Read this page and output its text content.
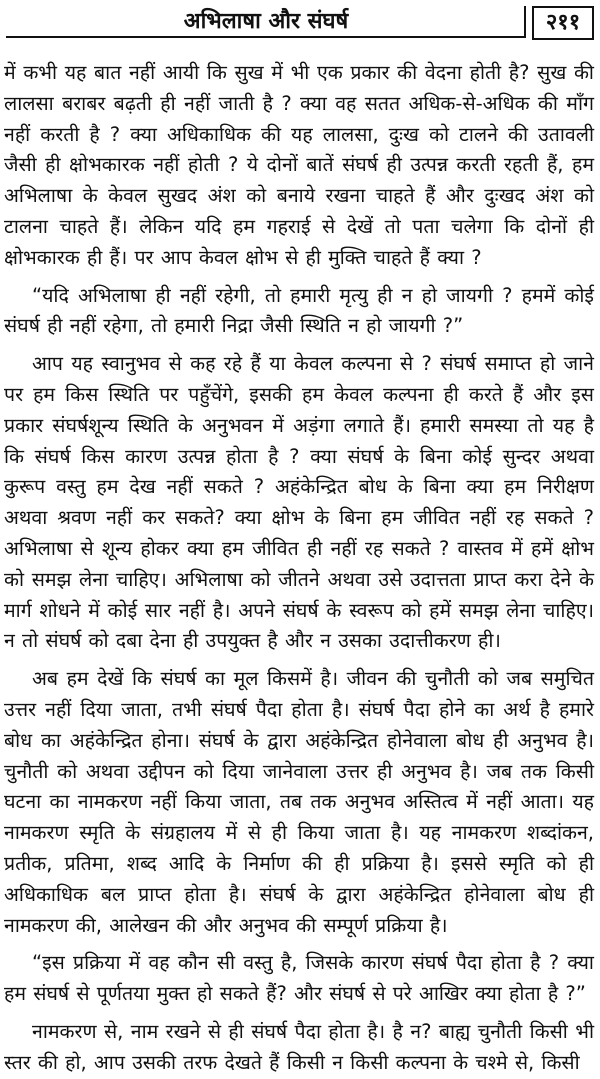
अभिलाषा और संघर्ष	२११

में कभी यह बात नहीं आयी कि सुख में भी एक प्रकार की वेदना होती है? सुख की लालसा बराबर बढ़ती ही नहीं जाती है ? क्या वह सतत अधिक-से-अधिक की माँग नहीं करती है ? क्या अधिकाधिक की यह लालसा, दुःख को टालने की उतावली जैसी ही क्षोभकारक नहीं होती ? ये दोनों बातें संघर्ष ही उत्पन्न करती रहती हैं, हम अभिलाषा के केवल सुखद अंश को बनाये रखना चाहते हैं और दुःखद अंश को टालना चाहते हैं। लेकिन यदि हम गहराई से देखें तो पता चलेगा कि दोनों ही क्षोभकारक ही हैं। पर आप केवल क्षोभ से ही मुक्ति चाहते हैं क्या ?

“यदि अभिलाषा ही नहीं रहेगी, तो हमारी मृत्यु ही न हो जायगी ? हममें कोई संघर्ष ही नहीं रहेगा, तो हमारी निद्रा जैसी स्थिति न हो जायगी ?”

आप यह स्वानुभव से कह रहे हैं या केवल कल्पना से ? संघर्ष समाप्त हो जाने पर हम किस स्थिति पर पहुँचेंगे, इसकी हम केवल कल्पना ही करते हैं और इस प्रकार संघर्षशून्य स्थिति के अनुभवन में अड़ंगा लगाते हैं। हमारी समस्या तो यह है कि संघर्ष किस कारण उत्पन्न होता है ? क्या संघर्ष के बिना कोई सुन्दर अथवा कुरूप वस्तु हम देख नहीं सकते ? अहंकेन्द्रित बोध के बिना क्या हम निरीक्षण अथवा श्रवण नहीं कर सकते? क्या क्षोभ के बिना हम जीवित नहीं रह सकते ? अभिलाषा से शून्य होकर क्या हम जीवित ही नहीं रह सकते ? वास्तव में हमें क्षोभ को समझ लेना चाहिए। अभिलाषा को जीतने अथवा उसे उदात्तता प्राप्त करा देने के मार्ग शोधने में कोई सार नहीं है। अपने संघर्ष के स्वरूप को हमें समझ लेना चाहिए। न तो संघर्ष को दबा देना ही उपयुक्त है और न उसका उदात्तीकरण ही।

अब हम देखें कि संघर्ष का मूल किसमें है। जीवन की चुनौती को जब समुचित उत्तर नहीं दिया जाता, तभी संघर्ष पैदा होता है। संघर्ष पैदा होने का अर्थ है हमारे बोध का अहंकेन्द्रित होना। संघर्ष के द्वारा अहंकेन्द्रित होनेवाला बोध ही अनुभव है। चुनौती को अथवा उद्दीपन को दिया जानेवाला उत्तर ही अनुभव है। जब तक किसी घटना का नामकरण नहीं किया जाता, तब तक अनुभव अस्तित्व में नहीं आता। यह नामकरण स्मृति के संग्रहालय में से ही किया जाता है। यह नामकरण शब्दांकन, प्रतीक, प्रतिमा, शब्द आदि के निर्माण की ही प्रक्रिया है। इससे स्मृति को ही अधिकाधिक बल प्राप्त होता है। संघर्ष के द्वारा अहंकेन्द्रित होनेवाला बोध ही नामकरण की, आलेखन की और अनुभव की सम्पूर्ण प्रक्रिया है।

“इस प्रक्रिया में वह कौन सी वस्तु है, जिसके कारण संघर्ष पैदा होता है ? क्या हम संघर्ष से पूर्णतया मुक्त हो सकते हैं? और संघर्ष से परे आखिर क्या होता है ?”

नामकरण से, नाम रखने से ही संघर्ष पैदा होता है। है न? बाह्य चुनौती किसी भी स्तर की हो, आप उसकी तरफ देखते हैं किसी न किसी कल्पना के चश्मे से, किसी
